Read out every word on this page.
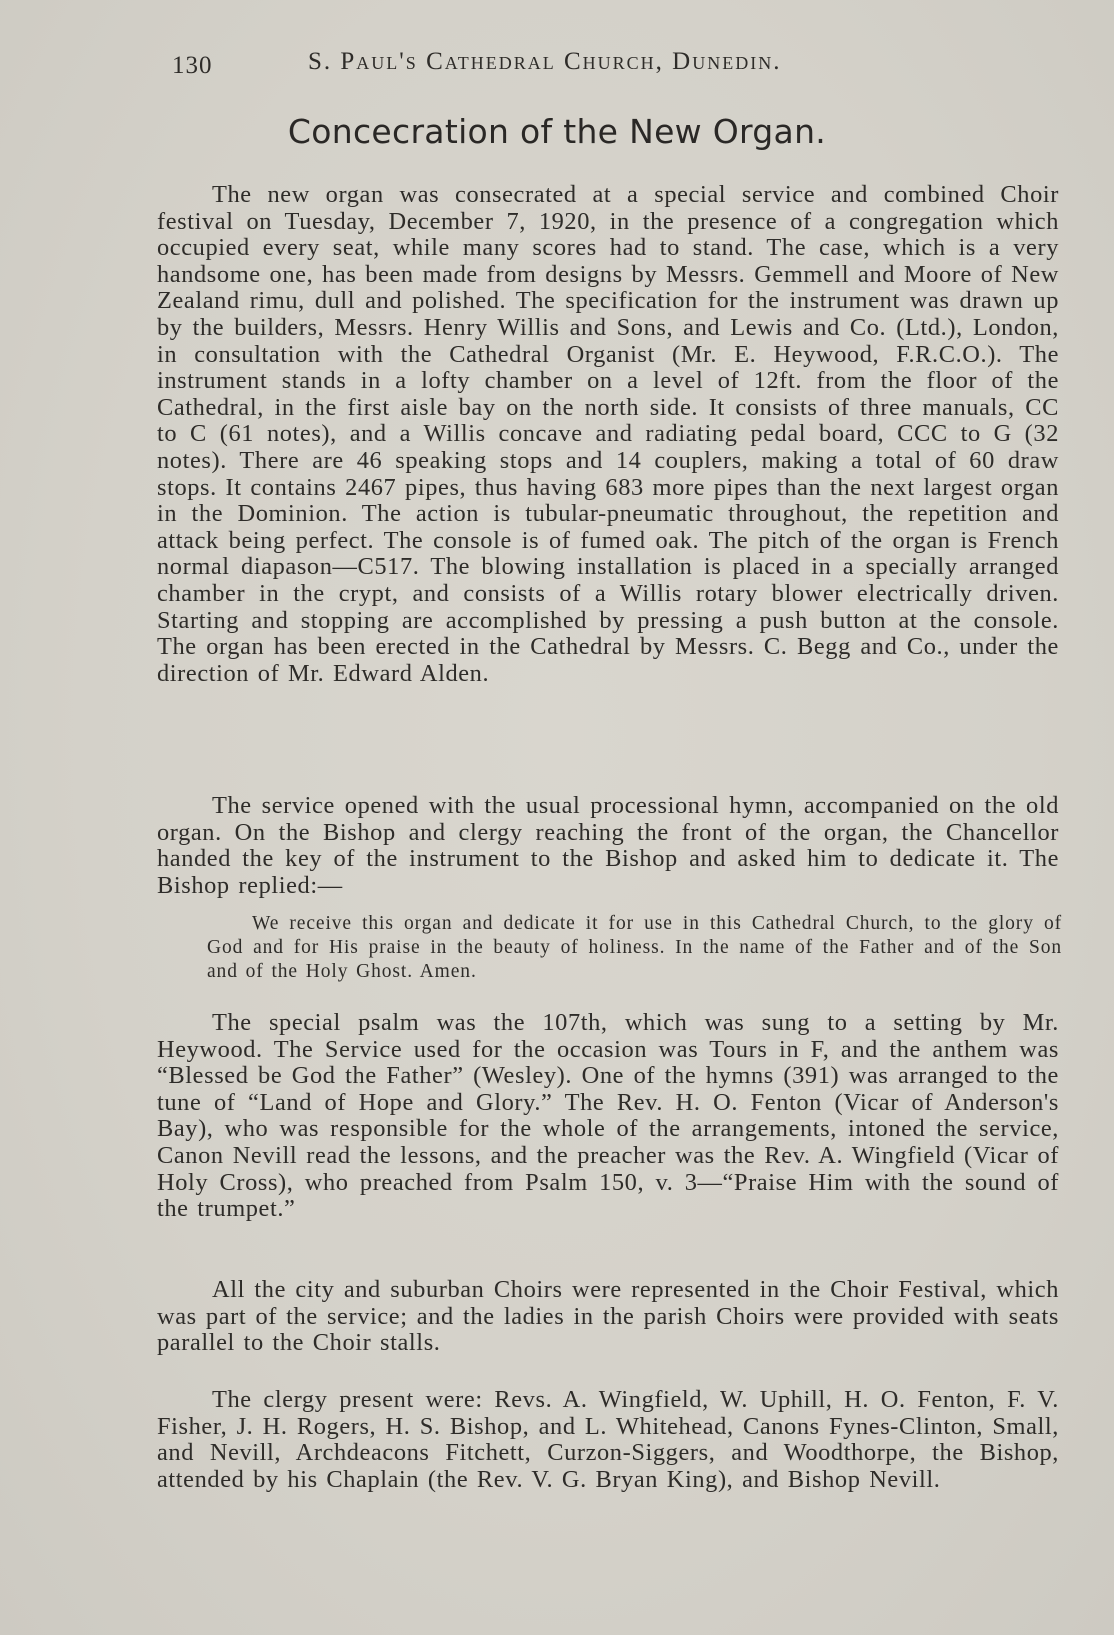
130	S. Paul's Cathedral Church, Dunedin.
Concecration of the New Organ.

The new organ was consecrated at a special service and combined Choir festival on Tuesday, December 7, 1920, in the presence of a congregation which occupied every seat, while many scores had to stand. The case, which is a very handsome one, has been made from designs by Messrs. Gemmell and Moore of New Zealand rimu, dull and polished. The specification for the instrument was drawn up by the builders, Messrs. Henry Willis and Sons, and Lewis and Co. (Ltd.), London, in consultation with the Cathedral Organist (Mr. E. Heywood, F.R.C.O.). The instrument stands in a lofty chamber on a level of 12ft. from the floor of the Cathedral, in the first aisle bay on the north side. It consists of three manuals, CC to C (61 notes), and a Willis concave and radiating pedal board, CCC to G (32 notes). There are 46 speaking stops and 14 couplers, making a total of 60 draw stops. It contains 2467 pipes, thus having 683 more pipes than the next largest organ in the Dominion. The action is tubular-pneumatic throughout, the repetition and attack being perfect. The console is of fumed oak. The pitch of the organ is French normal diapason—C517. The blowing installation is placed in a specially arranged chamber in the crypt, and consists of a Willis rotary blower electrically driven. Starting and stopping are accomplished by pressing a push button at the console. The organ has been erected in the Cathedral by Messrs. C. Begg and Co., under the direction of Mr. Edward Alden.

The service opened with the usual processional hymn, accompanied on the old organ. On the Bishop and clergy reaching the front of the organ, the Chancellor handed the key of the instrument to the Bishop and asked him to dedicate it. The Bishop replied:—

We receive this organ and dedicate it for use in this Cathedral Church, to the glory of God and for His praise in the beauty of holiness. In the name of the Father and of the Son and of the Holy Ghost. Amen.

The special psalm was the 107th, which was sung to a setting by Mr. Heywood. The Service used for the occasion was Tours in F, and the anthem was “Blessed be God the Father” (Wesley). One of the hymns (391) was arranged to the tune of “Land of Hope and Glory.” The Rev. H. O. Fenton (Vicar of Anderson's Bay), who was responsible for the whole of the arrangements, intoned the service, Canon Nevill read the lessons, and the preacher was the Rev. A. Wingfield (Vicar of Holy Cross), who preached from Psalm 150, v. 3—“Praise Him with the sound of the trumpet.”

All the city and suburban Choirs were represented in the Choir Festival, which was part of the service; and the ladies in the parish Choirs were provided with seats parallel to the Choir stalls.

The clergy present were: Revs. A. Wingfield, W. Uphill, H. O. Fenton, F. V. Fisher, J. H. Rogers, H. S. Bishop, and L. Whitehead, Canons Fynes-Clinton, Small, and Nevill, Archdeacons Fitchett, Curzon-Siggers, and Woodthorpe, the Bishop, attended by his Chaplain (the Rev. V. G. Bryan King), and Bishop Nevill.
